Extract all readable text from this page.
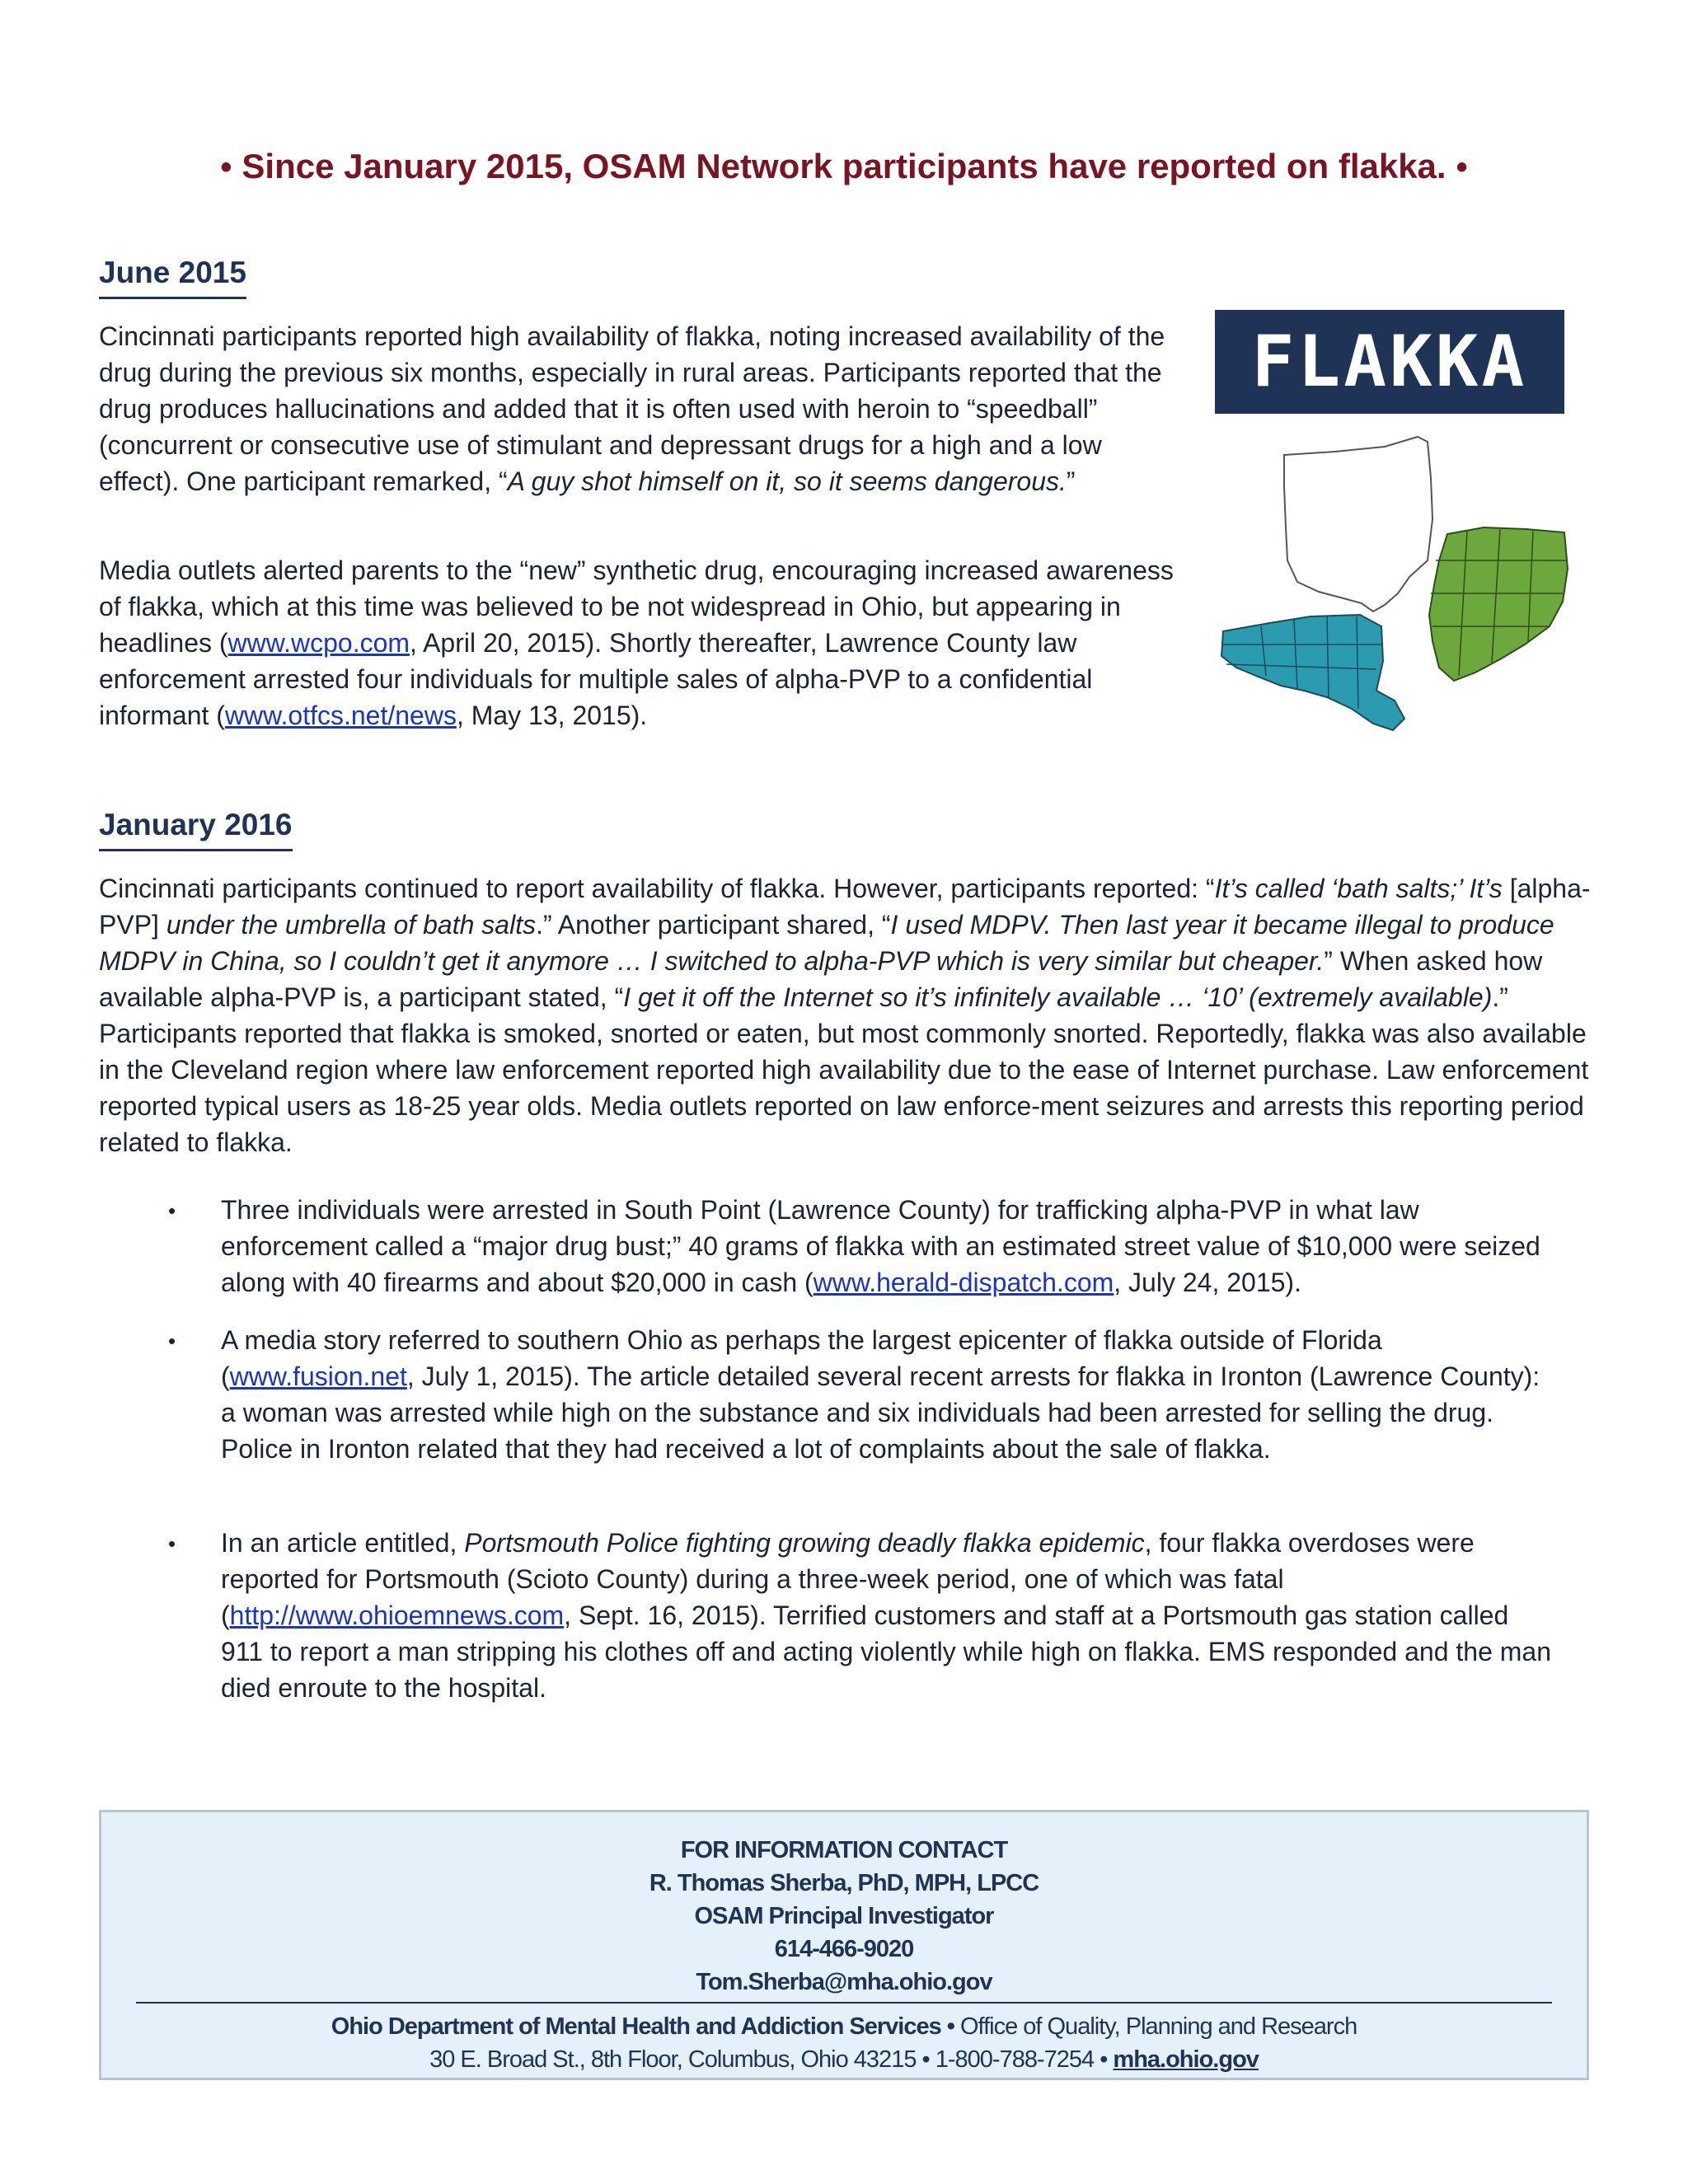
• Since January 2015, OSAM Network participants have reported on flakka. •
June 2015

Cincinnati participants reported high availability of flakka, noting increased availability of the drug during the previous six months, especially in rural areas. Participants reported that the drug produces hallucinations and added that it is often used with heroin to “speedball” (concurrent or consecutive use of stimulant and depressant drugs for a high and a low effect). One participant remarked, “A guy shot himself on it, so it seems dangerous.”

Media outlets alerted parents to the “new” synthetic drug, encouraging increased awareness of flakka, which at this time was believed to be not widespread in Ohio, but appearing in headlines (www.wcpo.com, April 20, 2015). Shortly thereafter, Lawrence County law enforcement arrested four individuals for multiple sales of alpha-PVP to a confidential informant (www.otfcs.net/news, May 13, 2015).

FLAKKA
January 2016

Cincinnati participants continued to report availability of flakka. However, participants reported: “It’s called ‘bath salts;’ It’s [alpha-PVP] under the umbrella of bath salts.” Another participant shared, “I used MDPV. Then last year it became illegal to produce MDPV in China, so I couldn’t get it anymore … I switched to alpha-PVP which is very similar but cheaper.” When asked how available alpha-PVP is, a participant stated, “I get it off the Internet so it’s infinitely available … ‘10’ (extremely available).” Participants reported that flakka is smoked, snorted or eaten, but most commonly snorted. Reportedly, flakka was also available in the Cleveland region where law enforcement reported high availability due to the ease of Internet purchase. Law enforcement reported typical users as 18-25 year olds. Media outlets reported on law enforce-ment seizures and arrests this reporting period related to flakka.

• Three individuals were arrested in South Point (Lawrence County) for trafficking alpha-PVP in what law enforcement called a “major drug bust;” 40 grams of flakka with an estimated street value of $10,000 were seized along with 40 firearms and about $20,000 in cash (www.herald-dispatch.com, July 24, 2015).

• A media story referred to southern Ohio as perhaps the largest epicenter of flakka outside of Florida (www.fusion.net, July 1, 2015). The article detailed several recent arrests for flakka in Ironton (Lawrence County): a woman was arrested while high on the substance and six individuals had been arrested for selling the drug. Police in Ironton related that they had received a lot of complaints about the sale of flakka.

• In an article entitled, Portsmouth Police fighting growing deadly flakka epidemic, four flakka overdoses were reported for Portsmouth (Scioto County) during a three-week period, one of which was fatal (http://www.ohioemnews.com, Sept. 16, 2015). Terrified customers and staff at a Portsmouth gas station called 911 to report a man stripping his clothes off and acting violently while high on flakka. EMS responded and the man died enroute to the hospital.

FOR INFORMATION CONTACT
R. Thomas Sherba, PhD, MPH, LPCC
OSAM Principal Investigator
614-466-9020
Tom.Sherba@mha.ohio.gov
Ohio Department of Mental Health and Addiction Services • Office of Quality, Planning and Research
30 E. Broad St., 8th Floor, Columbus, Ohio 43215 • 1-800-788-7254 • mha.ohio.gov
